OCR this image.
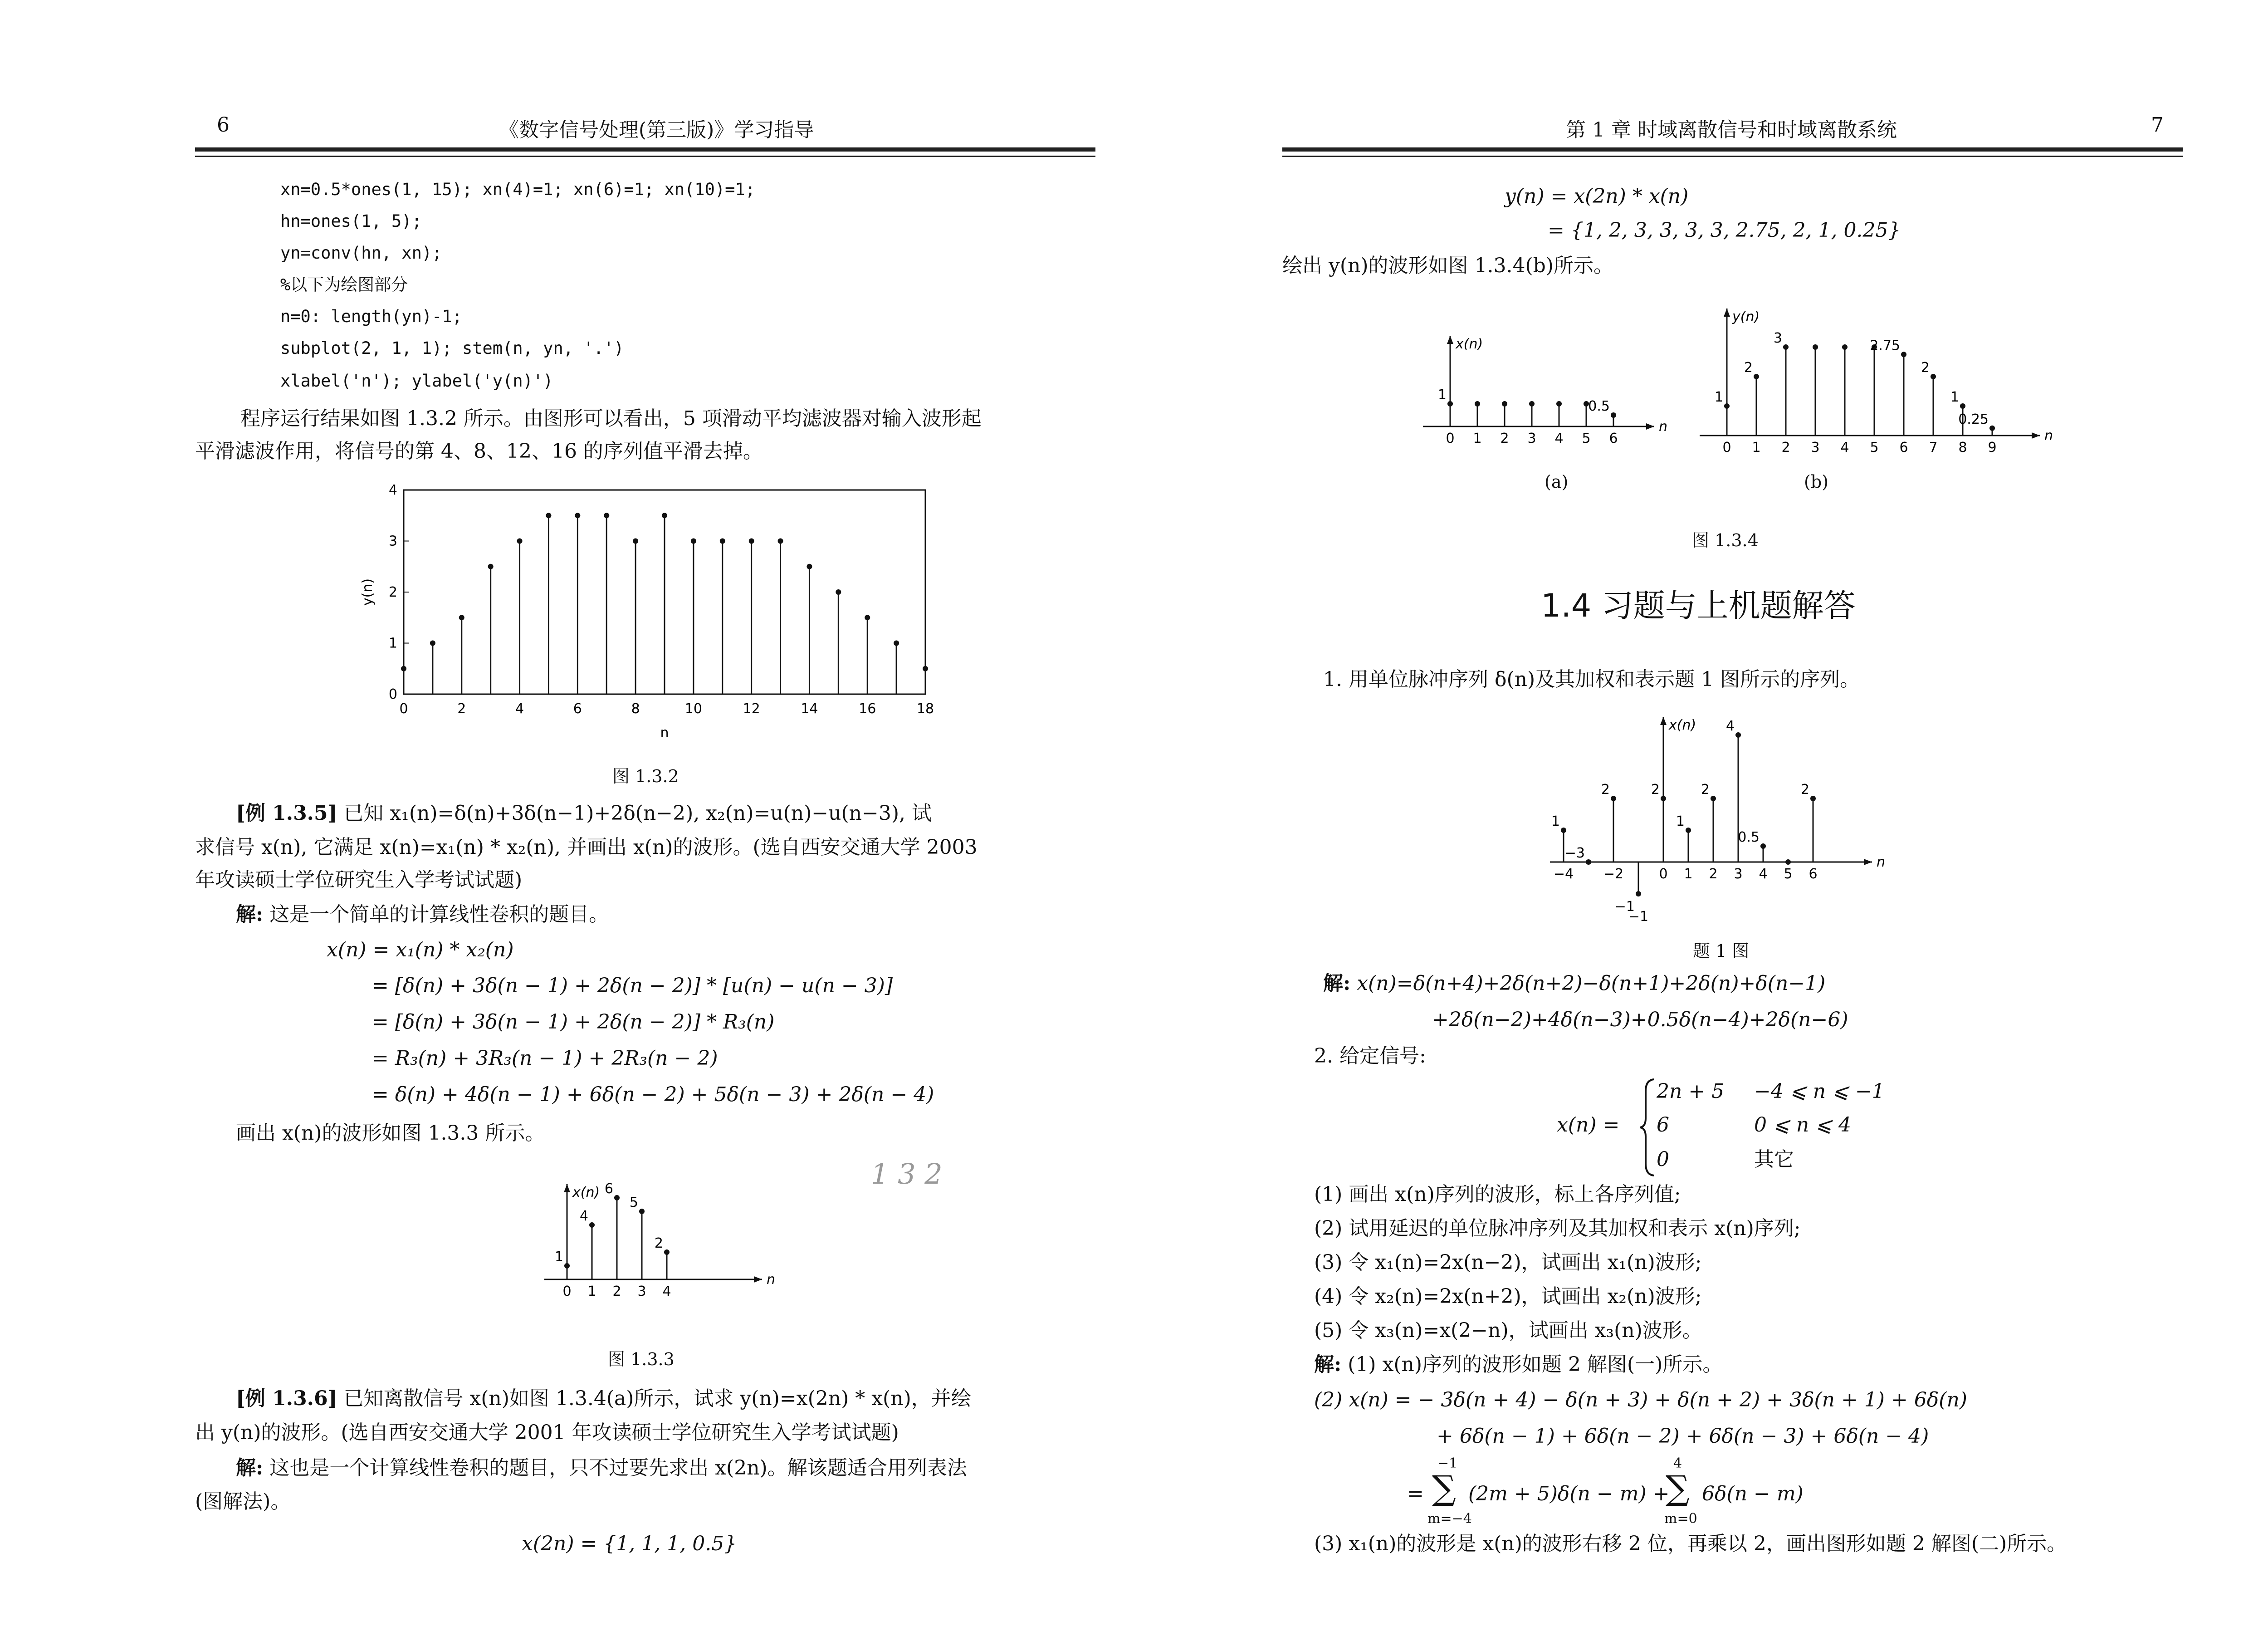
6	《数字信号处理(第三版)》学习指导
xn=0.5*ones(1, 15); xn(4)=1; xn(6)=1; xn(10)=1;
hn=ones(1, 5);
yn=conv(hn, xn);
%以下为绘图部分
n=0: length(yn)-1;
subplot(2, 1, 1); stem(n, yn, '.')
xlabel('n'); ylabel('y(n)')
程序运行结果如图 1.3.2 所示。由图形可以看出，5 项滑动平均滤波器对输入波形起
平滑滤波作用，将信号的第 4、8、12、16 的序列值平滑去掉。
0	2	4	6	8	10	12	14	16	18
0
1
2
3
4
n
y(n)
图 1.3.2
[例 1.3.5] 已知 x₁(n)=δ(n)+3δ(n−1)+2δ(n−2), x₂(n)=u(n)−u(n−3), 试
求信号 x(n), 它满足 x(n)=x₁(n) * x₂(n), 并画出 x(n)的波形。(选自西安交通大学 2003
年攻读硕士学位研究生入学考试试题)
解: 这是一个简单的计算线性卷积的题目。
x(n) = x₁(n) * x₂(n)
= [δ(n) + 3δ(n − 1) + 2δ(n − 2)] * [u(n) − u(n − 3)]
= [δ(n) + 3δ(n − 1) + 2δ(n − 2)] * R₃(n)
= R₃(n) + 3R₃(n − 1) + 2R₃(n − 2)
= δ(n) + 4δ(n − 1) + 6δ(n − 2) + 5δ(n − 3) + 2δ(n − 4)
画出 x(n)的波形如图 1.3.3 所示。
x(n)
n
0 1 2 3 4
1
4
6
5
2
图 1.3.3
1 3 2
[例 1.3.6] 已知离散信号 x(n)如图 1.3.4(a)所示，试求 y(n)=x(2n) * x(n)，并绘
出 y(n)的波形。(选自西安交通大学 2001 年攻读硕士学位研究生入学考试试题)
解: 这也是一个计算线性卷积的题目，只不过要先求出 x(2n)。解该题适合用列表法
(图解法)。
x(2n) = {1, 1, 1, 0.5}
第 1 章 时域离散信号和时域离散系统	7
y(n) = x(2n) * x(n)
= {1, 2, 3, 3, 3, 3, 2.75, 2, 1, 0.25}
绘出 y(n)的波形如图 1.3.4(b)所示。
x(n)
n
0 1 2 3 4 5 6
1
0.5
y(n)
n
0 1 2 3 4 5 6 7 8 9
1
2
3	2.75
2
1
0.25
(a)	(b)
图 1.3.4
1.4 习题与上机题解答
1. 用单位脉冲序列 δ(n)及其加权和表示题 1 图所示的序列。
x(n)
n
−4 −2	0 1 2 3 4 5 6
1
−3
2
−1
2
1
2
4
0.5
2
−1
题 1 图
解: x(n)=δ(n+4)+2δ(n+2)−δ(n+1)+2δ(n)+δ(n−1)
+2δ(n−2)+4δ(n−3)+0.5δ(n−4)+2δ(n−6)
2. 给定信号:
x(n) =
2n + 5 −4 ⩽ n ⩽ −1
6	0 ⩽ n ⩽ 4
0	其它
(1) 画出 x(n)序列的波形，标上各序列值;
(2) 试用延迟的单位脉冲序列及其加权和表示 x(n)序列;
(3) 令 x₁(n)=2x(n−2)，试画出 x₁(n)波形;
(4) 令 x₂(n)=2x(n+2)，试画出 x₂(n)波形;
(5) 令 x₃(n)=x(2−n)，试画出 x₃(n)波形。
解: (1) x(n)序列的波形如题 2 解图(一)所示。
(2) x(n) = − 3δ(n + 4) − δ(n + 3) + δ(n + 2) + 3δ(n + 1) + 6δ(n)
+ 6δ(n − 1) + 6δ(n − 2) + 6δ(n − 3) + 6δ(n − 4)
=
−1
∑
m=−4
(2m + 5)δ(n − m) +
4
∑
m=0
6δ(n − m)
(3) x₁(n)的波形是 x(n)的波形右移 2 位，再乘以 2，画出图形如题 2 解图(二)所示。
